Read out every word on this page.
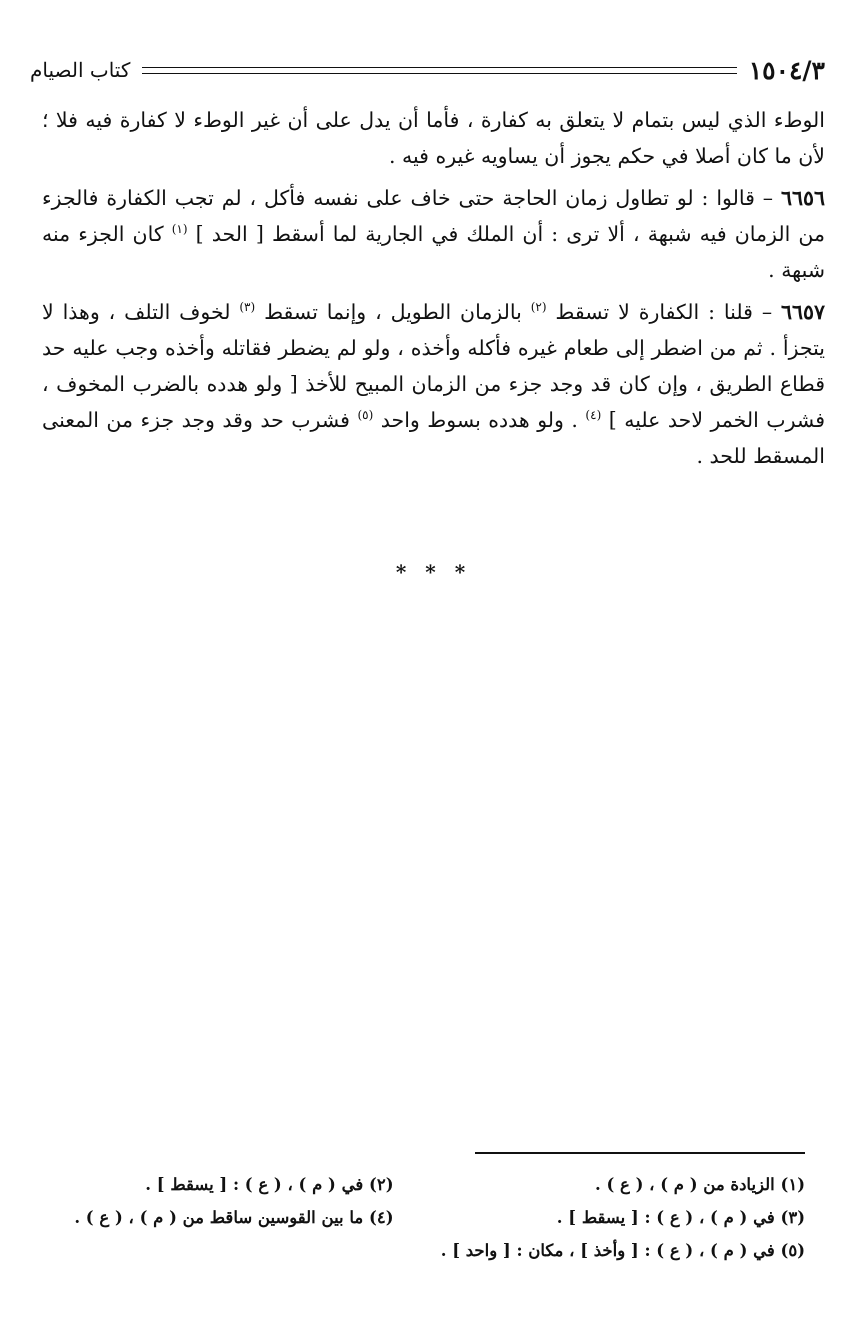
١٥٠٤/٣
كتاب الصيام

الوطء الذي ليس بتمام لا يتعلق به كفارة ، فأما أن يدل على أن غير الوطء لا كفارة فيه فلا ؛ لأن ما كان أصلا في حكم يجوز أن يساويه غيره فيه .

٦٦٥٦ – قالوا : لو تطاول زمان الحاجة حتى خاف على نفسه فأكل ، لم تجب الكفارة فالجزء من الزمان فيه شبهة ، ألا ترى : أن الملك في الجارية لما أسقط [ الحد ] $^{(١)}$ كان الجزء منه شبهة .

٦٦٥٧ – قلنا : الكفارة لا تسقط $^{(٢)}$ بالزمان الطويل ، وإنما تسقط $^{(٣)}$ لخوف التلف ، وهذا لا يتجزأ . ثم من اضطر إلى طعام غيره فأكله وأخذه ، ولو لم يضطر فقاتله وأخذه وجب عليه حد قطاع الطريق ، وإن كان قد وجد جزء من الزمان المبيح للأخذ [ ولو هدده بالضرب المخوف ، فشرب الخمر لاحد عليه ] $^{(٤)}$ . ولو هدده بسوط واحد $^{(٥)}$ فشرب حد وقد وجد جزء من المعنى المسقط للحد .

* * *
(١) الزيادة من ( م ) ، ( ع ) .
(٢) في ( م ) ، ( ع ) : [ يسقط ] .
(٣) في ( م ) ، ( ع ) : [ يسقط ] .
(٤) ما بين القوسين ساقط من ( م ) ، ( ع ) .
(٥) في ( م ) ، ( ع ) : [ وأخذ ] ، مكان : [ واحد ] .
